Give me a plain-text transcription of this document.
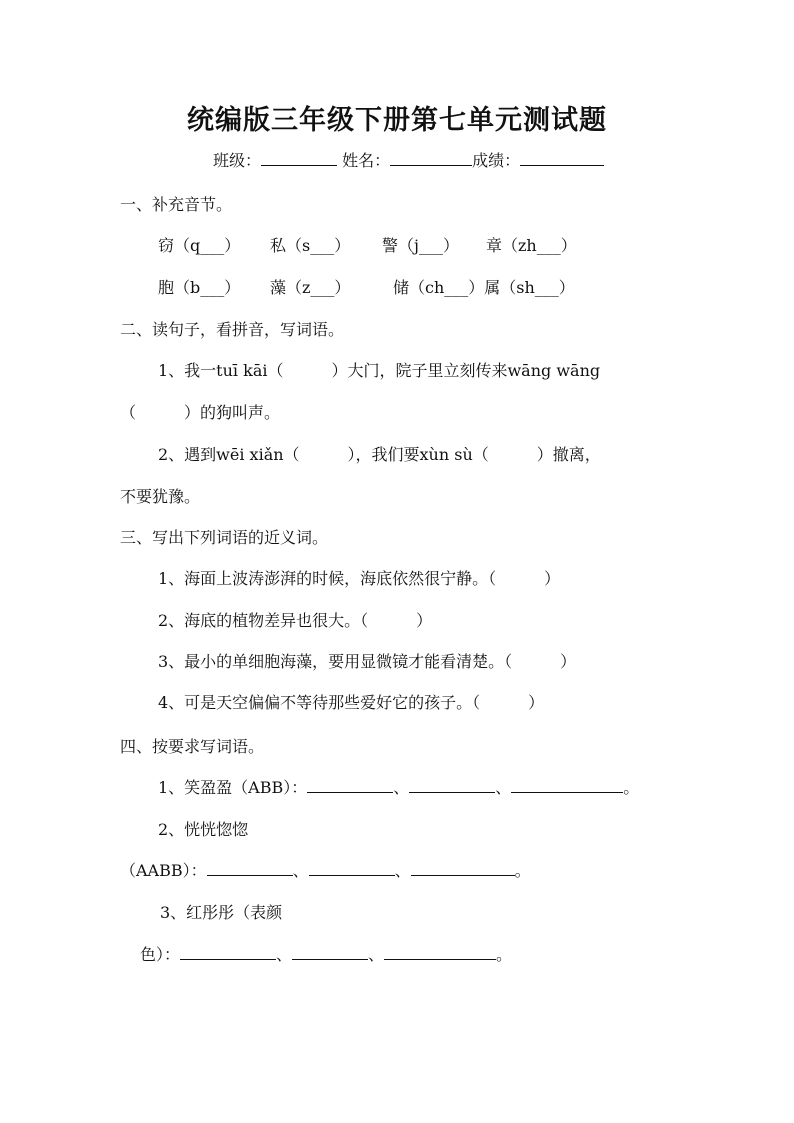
统编版三年级下册第七单元测试题
班级：	姓名：	成绩：
一、补充音节。
窃（q___） 私（s___） 警（j___） 章（zh___）
胞（b___） 藻（z___）	储（ch___）属（sh___）
二、读句子，看拼音，写词语。
1、我一tuī kāi（　　　）大门，院子里立刻传来wāng wāng
（　　　）的狗叫声。
2、遇到wēi xiǎn（　　　），我们要xùn sù（　　　）撤离，
不要犹豫。
三、写出下列词语的近义词。
1、海面上波涛澎湃的时候，海底依然很宁静。（　　　）
2、海底的植物差异也很大。（　　　）
3、最小的单细胞海藻，要用显微镜才能看清楚。（　　　）
4、可是天空偏偏不等待那些爱好它的孩子。（　　　）
四、按要求写词语。
1、笑盈盈（ABB）：	、	、	。
2、恍恍惚惚
（AABB）：	、	、	。
3、红彤彤（表颜
色）：	、	、	。
